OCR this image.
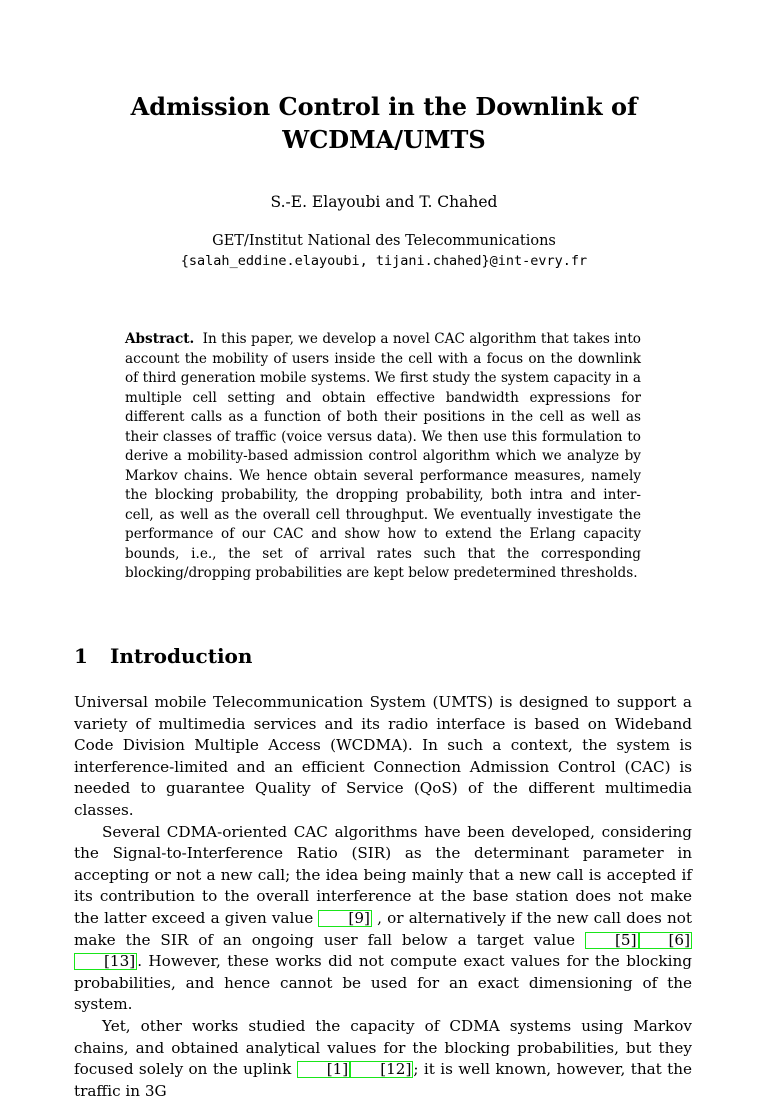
Admission Control in the Downlink of
WCDMA/UMTS
S.-E. Elayoubi and T. Chahed
GET/Institut National des Telecommunications
{salah_eddine.elayoubi, tijani.chahed}@int-evry.fr
Abstract. In this paper, we develop a novel CAC algorithm that takes into account the mobility of users inside the cell with a focus on the downlink of third generation mobile systems. We first study the system capacity in a multiple cell setting and obtain effective bandwidth expressions for different calls as a function of both their positions in the cell as well as their classes of traffic (voice versus data). We then use this formulation to derive a mobility-based admission control algorithm which we analyze by Markov chains. We hence obtain several performance measures, namely the blocking probability, the dropping probability, both intra and inter-cell, as well as the overall cell throughput. We eventually investigate the performance of our CAC and show how to extend the Erlang capacity bounds, i.e., the set of arrival rates such that the corresponding blocking/dropping probabilities are kept below predetermined thresholds.
1 Introduction

Universal mobile Telecommunication System (UMTS) is designed to support a variety of multimedia services and its radio interface is based on Wideband Code Division Multiple Access (WCDMA). In such a context, the system is interference-limited and an efficient Connection Admission Control (CAC) is needed to guarantee Quality of Service (QoS) of the different multimedia classes.

Several CDMA-oriented CAC algorithms have been developed, considering the Signal-to-Interference Ratio (SIR) as the determinant parameter in accepting or not a new call; the idea being mainly that a new call is accepted if its contribution to the overall interference at the base station does not make the latter exceed a given value [9] , or alternatively if the new call does not make the SIR of an ongoing user fall below a target value	[5] [6][13] . However, these works did not compute exact values for the blocking probabilities, and hence cannot be used for an exact dimensioning of the system.

Yet, other works studied the capacity of CDMA systems using Markov chains, and obtained analytical values for the blocking probabilities, but they focused solely on the uplink [1] [12] ; it is well known, however, that the traffic in 3G
